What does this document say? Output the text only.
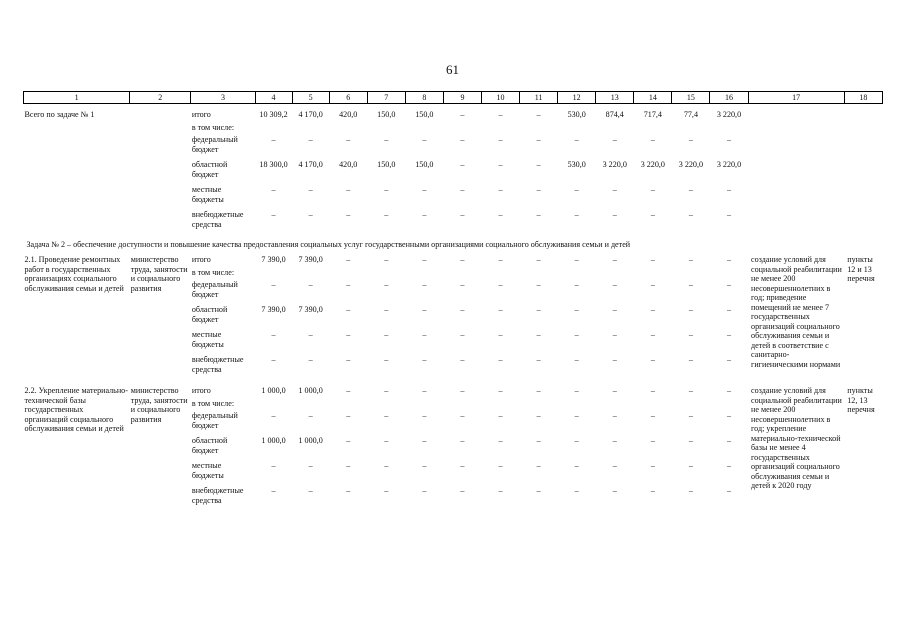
61
1	2	3	4	5	6	7	8	9	10	11	12	13	14	15	16	17	18

Всего по задаче № 1		итого	10 309,2	4 170,0	420,0	150,0	150,0	–	–	–	530,0	874,4	717,4	77,4	3 220,0		
		в том числе:															
		федеральный бюджет	–	–	–	–	–	–	–	–	–	–	–	–	–		
		областной бюджет	18 300,0	4 170,0	420,0	150,0	150,0	–	–	–	530,0	3 220,0	3 220,0	3 220,0	3 220,0		
		местные бюджеты	–	–	–	–	–	–	–	–	–	–	–	–	–		
		внебюджетные средства	–	–	–	–	–	–	–	–	–	–	–	–	–		
Задача № 2 – обеспечение доступности и повышение качества предоставления социальных услуг государственными организациями социального обслуживания семьи и детей																	
2.1. Проведение ремонтных работ в государственных организациях социального обслуживания семьи и детей	министерство труда, занятости и социального развития	итого	7 390,0	7 390,0	–	–	–	–	–	–	–	–	–	–	–	создание условий для социальной реабилитации не менее 200 несовершеннолетних в год; приведение помещений не менее 7 государственных организаций социального обслуживания семьи и детей в соответствие с санитарно-гигиеническими нормами	пункты 12 и 13 перечня
		в том числе:															
		федеральный бюджет	–	–	–	–	–	–	–	–	–	–	–	–	–		
		областной бюджет	7 390,0	7 390,0	–	–	–	–	–	–	–	–	–	–	–		
		местные бюджеты	–	–	–	–	–	–	–	–	–	–	–	–	–		
		внебюджетные средства	–	–	–	–	–	–	–	–	–	–	–	–	–		

2.2. Укрепление материально-технической базы государственных организаций социального обслуживания семьи и детей	министерство труда, занятости и социального развития	итого	1 000,0	1 000,0	–	–	–	–	–	–	–	–	–	–	–	создание условий для социальной реабилитации не менее 200 несовершеннолетних в год; укрепление материально-технической базы не менее 4 государственных организаций социального обслуживания семьи и детей к 2020 году	пункты 12, 13 перечня
		в том числе:															
		федеральный бюджет	–	–	–	–	–	–	–	–	–	–	–	–	–		
		областной бюджет	1 000,0	1 000,0	–	–	–	–	–	–	–	–	–	–	–		
		местные бюджеты	–	–	–	–	–	–	–	–	–	–	–	–	–		
		внебюджетные средства	–	–	–	–	–	–	–	–	–	–	–	–	–		
